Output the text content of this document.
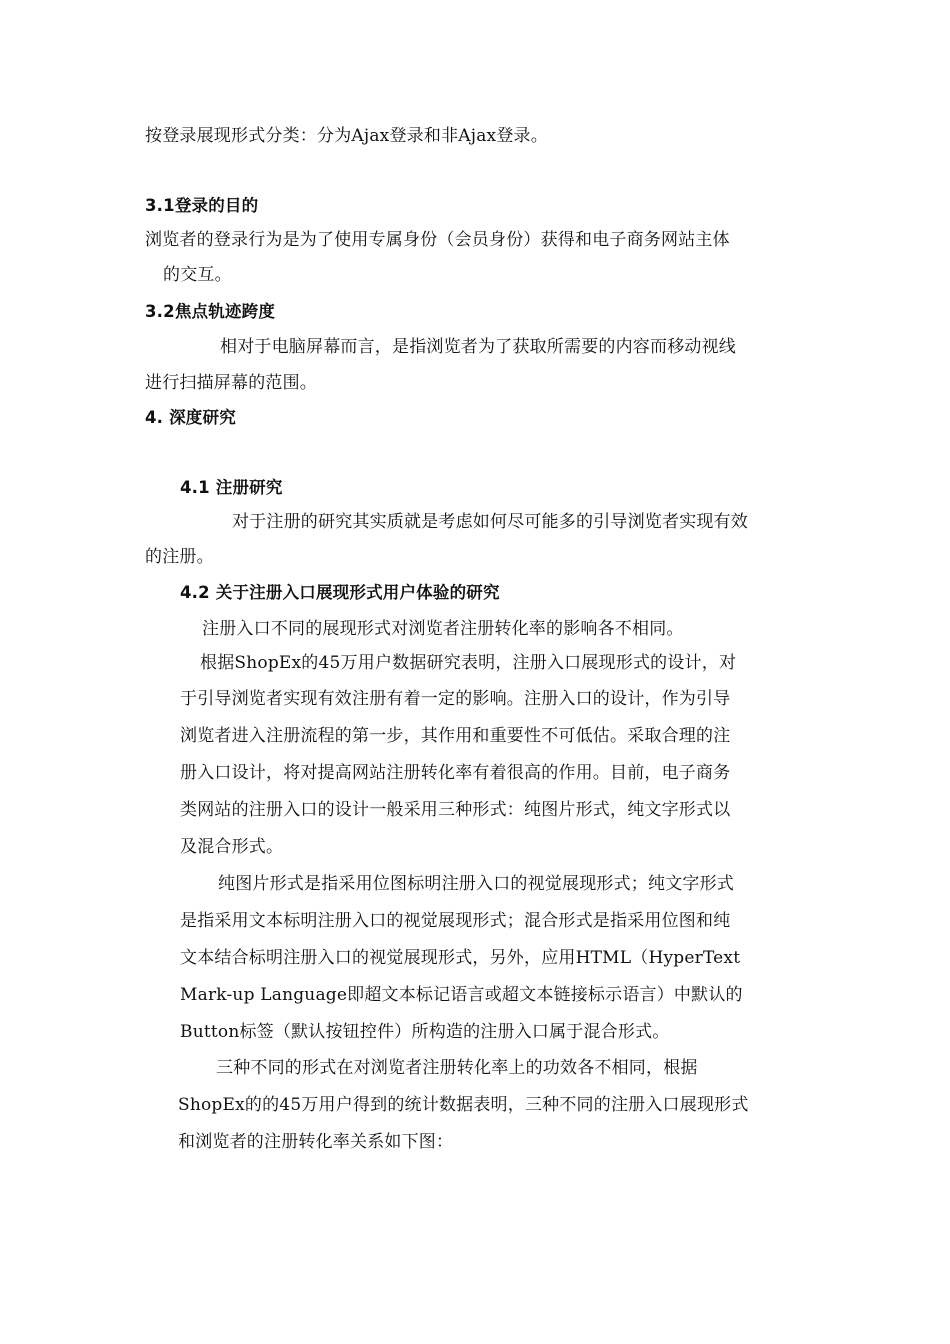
按登录展现形式分类：分为Ajax登录和非Ajax登录。
3.1登录的目的
浏览者的登录行为是为了使用专属身份（会员身份）获得和电子商务网站主体
的交互。
3.2焦点轨迹跨度
相对于电脑屏幕而言，是指浏览者为了获取所需要的内容而移动视线
进行扫描屏幕的范围。
4. 深度研究
4.1 注册研究
对于注册的研究其实质就是考虑如何尽可能多的引导浏览者实现有效
的注册。
4.2 关于注册入口展现形式用户体验的研究
注册入口不同的展现形式对浏览者注册转化率的影响各不相同。
根据ShopEx的45万用户数据研究表明，注册入口展现形式的设计，对
于引导浏览者实现有效注册有着一定的影响。注册入口的设计，作为引导
浏览者进入注册流程的第一步，其作用和重要性不可低估。采取合理的注
册入口设计，将对提高网站注册转化率有着很高的作用。目前，电子商务
类网站的注册入口的设计一般采用三种形式：纯图片形式，纯文字形式以
及混合形式。
纯图片形式是指采用位图标明注册入口的视觉展现形式；纯文字形式
是指采用文本标明注册入口的视觉展现形式；混合形式是指采用位图和纯
文本结合标明注册入口的视觉展现形式，另外，应用HTML（HyperText
Mark-up Language即超文本标记语言或超文本链接标示语言）中默认的
Button标签（默认按钮控件）所构造的注册入口属于混合形式。
三种不同的形式在对浏览者注册转化率上的功效各不相同，根据
ShopEx的的45万用户得到的统计数据表明，三种不同的注册入口展现形式
和浏览者的注册转化率关系如下图：
